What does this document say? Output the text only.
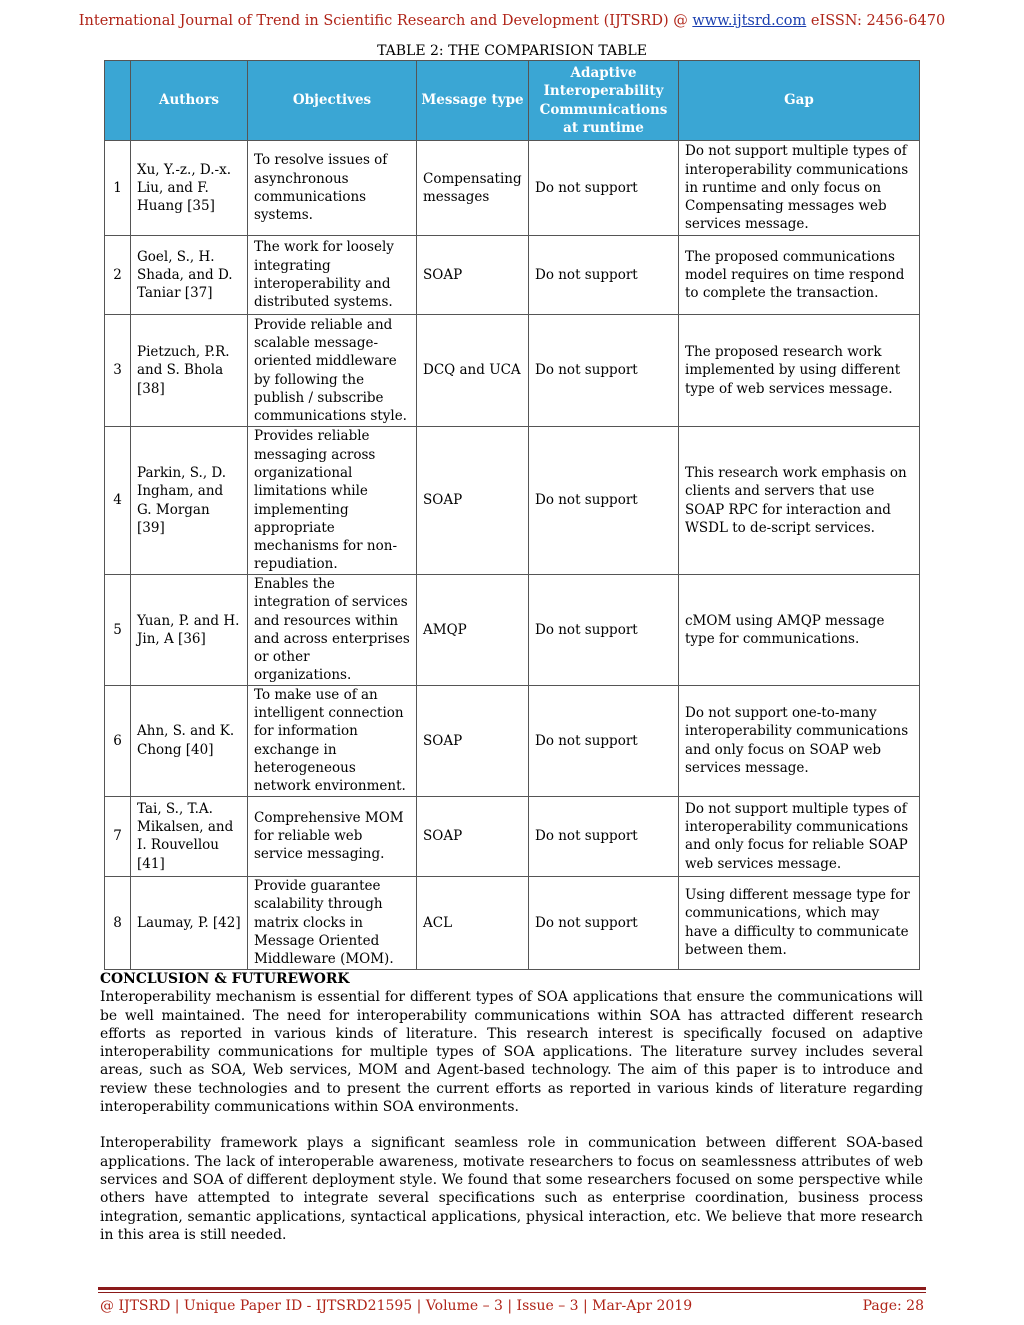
International Journal of Trend in Scientific Research and Development (IJTSRD) @ www.ijtsrd.com eISSN: 2456-6470
TABLE 2: THE COMPARISION TABLE
	Authors	Objectives	Message type	Adaptive Interoperability Communications at runtime	Gap
1	Xu, Y.-z., D.-x. Liu, and F. Huang [35]	To resolve issues of asynchronous communications systems.	Compensating messages	Do not support	Do not support multiple types of interoperability communications in runtime and only focus on Compensating messages web services message.
2	Goel, S., H. Shada, and D. Taniar [37]	The work for loosely integrating interoperability and distributed systems.	SOAP	Do not support	The proposed communications model requires on time respond to complete the transaction.
3	Pietzuch, P.R. and S. Bhola [38]	Provide reliable and scalable message-oriented middleware by following the publish / subscribe communications style.	DCQ and UCA	Do not support	The proposed research work implemented by using different type of web services message.
4	Parkin, S., D. Ingham, and G. Morgan [39]	Provides reliable messaging across organizational limitations while implementing appropriate mechanisms for non-repudiation.	SOAP	Do not support	This research work emphasis on clients and servers that use SOAP RPC for interaction and WSDL to de-script services.
5	Yuan, P. and H. Jin, A [36]	Enables the integration of services and resources within and across enterprises or other organizations.	AMQP	Do not support	cMOM using AMQP message type for communications.
6	Ahn, S. and K. Chong [40]	To make use of an intelligent connection for information exchange in heterogeneous network environment.	SOAP	Do not support	Do not support one-to-many interoperability communications and only focus on SOAP web services message.
7	Tai, S., T.A. Mikalsen, and I. Rouvellou [41]	Comprehensive MOM for reliable web service messaging.	SOAP	Do not support	Do not support multiple types of interoperability communications and only focus for reliable SOAP web services message.
8	Laumay, P. [42]	Provide guarantee scalability through matrix clocks in Message Oriented Middleware (MOM).	ACL	Do not support	Using different message type for communications, which may have a difficulty to communicate between them.
CONCLUSION & FUTUREWORK

Interoperability mechanism is essential for different types of SOA applications that ensure the communications will be well maintained. The need for interoperability communications within SOA has attracted different research efforts as reported in various kinds of literature. This research interest is specifically focused on adaptive interoperability communications for multiple types of SOA applications. The literature survey includes several areas, such as SOA, Web services, MOM and Agent-based technology. The aim of this paper is to introduce and review these technologies and to present the current efforts as reported in various kinds of literature regarding interoperability communications within SOA environments.

Interoperability framework plays a significant seamless role in communication between different SOA-based applications. The lack of interoperable awareness, motivate researchers to focus on seamlessness attributes of web services and SOA of different deployment style. We found that some researchers focused on some perspective while others have attempted to integrate several specifications such as enterprise coordination, business process integration, semantic applications, syntactical applications, physical interaction, etc. We believe that more research in this area is still needed.

@ IJTSRD | Unique Paper ID - IJTSRD21595 | Volume – 3 | Issue – 3 | Mar-Apr 2019	Page: 28
